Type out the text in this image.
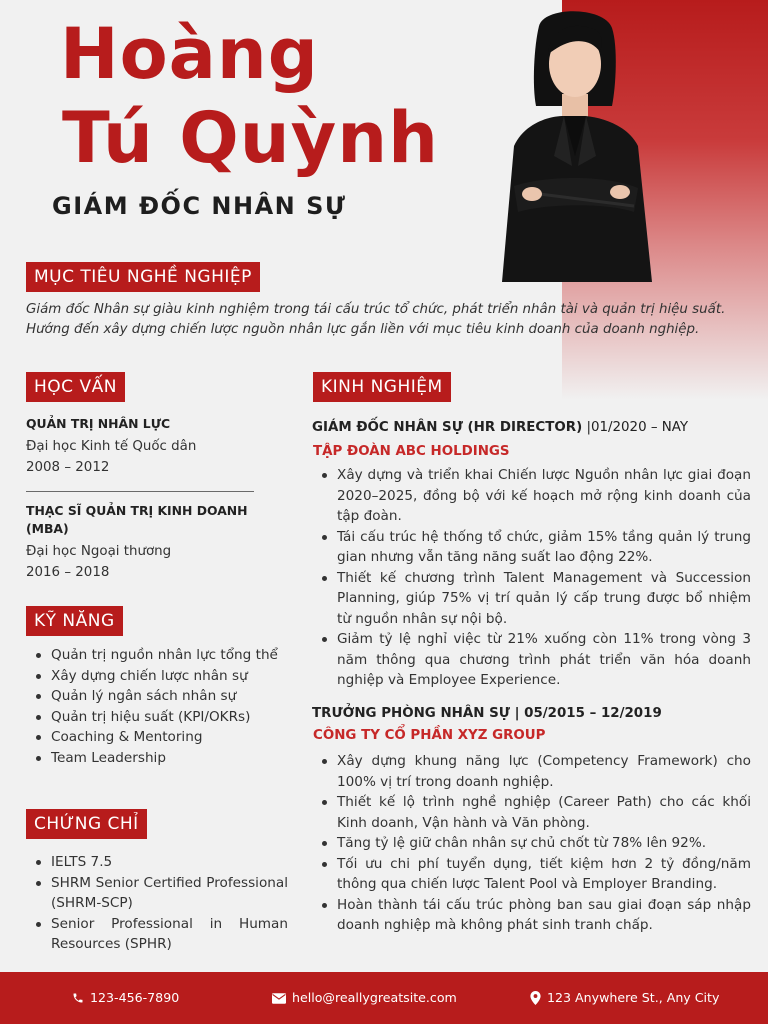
Hoàng
Tú Quỳnh
GIÁM ĐỐC NHÂN SỰ
MỤC TIÊU NGHỀ NGHIỆP
Giám đốc Nhân sự giàu kinh nghiệm trong tái cấu trúc tổ chức, phát triển nhân tài và quản trị hiệu suất. Hướng đến xây dựng chiến lược nguồn nhân lực gắn liền với mục tiêu kinh doanh của doanh nghiệp.
HỌC VẤN
QUẢN TRỊ NHÂN LỰC
Đại học Kinh tế Quốc dân
2008 – 2012
THẠC SĨ QUẢN TRỊ KINH DOANH (MBA)
Đại học Ngoại thương
2016 – 2018
KỸ NĂNG
Quản trị nguồn nhân lực tổng thể
Xây dựng chiến lược nhân sự
Quản lý ngân sách nhân sự
Quản trị hiệu suất (KPI/OKRs)
Coaching & Mentoring
Team Leadership
CHỨNG CHỈ
IELTS 7.5
SHRM Senior Certified Professional (SHRM-SCP)
Senior Professional in Human Resources (SPHR)
KINH NGHIỆM
GIÁM ĐỐC NHÂN SỰ (HR DIRECTOR) |01/2020 – NAY
TẬP ĐOÀN ABC HOLDINGS
Xây dựng và triển khai Chiến lược Nguồn nhân lực giai đoạn 2020–2025, đồng bộ với kế hoạch mở rộng kinh doanh của tập đoàn.
Tái cấu trúc hệ thống tổ chức, giảm 15% tầng quản lý trung gian nhưng vẫn tăng năng suất lao động 22%.
Thiết kế chương trình Talent Management và Succession Planning, giúp 75% vị trí quản lý cấp trung được bổ nhiệm từ nguồn nhân sự nội bộ.
Giảm tỷ lệ nghỉ việc từ 21% xuống còn 11% trong vòng 3 năm thông qua chương trình phát triển văn hóa doanh nghiệp và Employee Experience.
TRƯỞNG PHÒNG NHÂN SỰ | 05/2015 – 12/2019
CÔNG TY CỔ PHẦN XYZ GROUP
Xây dựng khung năng lực (Competency Framework) cho 100% vị trí trong doanh nghiệp.
Thiết kế lộ trình nghề nghiệp (Career Path) cho các khối Kinh doanh, Vận hành và Văn phòng.
Tăng tỷ lệ giữ chân nhân sự chủ chốt từ 78% lên 92%.
Tối ưu chi phí tuyển dụng, tiết kiệm hơn 2 tỷ đồng/năm thông qua chiến lược Talent Pool và Employer Branding.
Hoàn thành tái cấu trúc phòng ban sau giai đoạn sáp nhập doanh nghiệp mà không phát sinh tranh chấp.
123-456-7890	hello@reallygreatsite.com	123 Anywhere St., Any City
